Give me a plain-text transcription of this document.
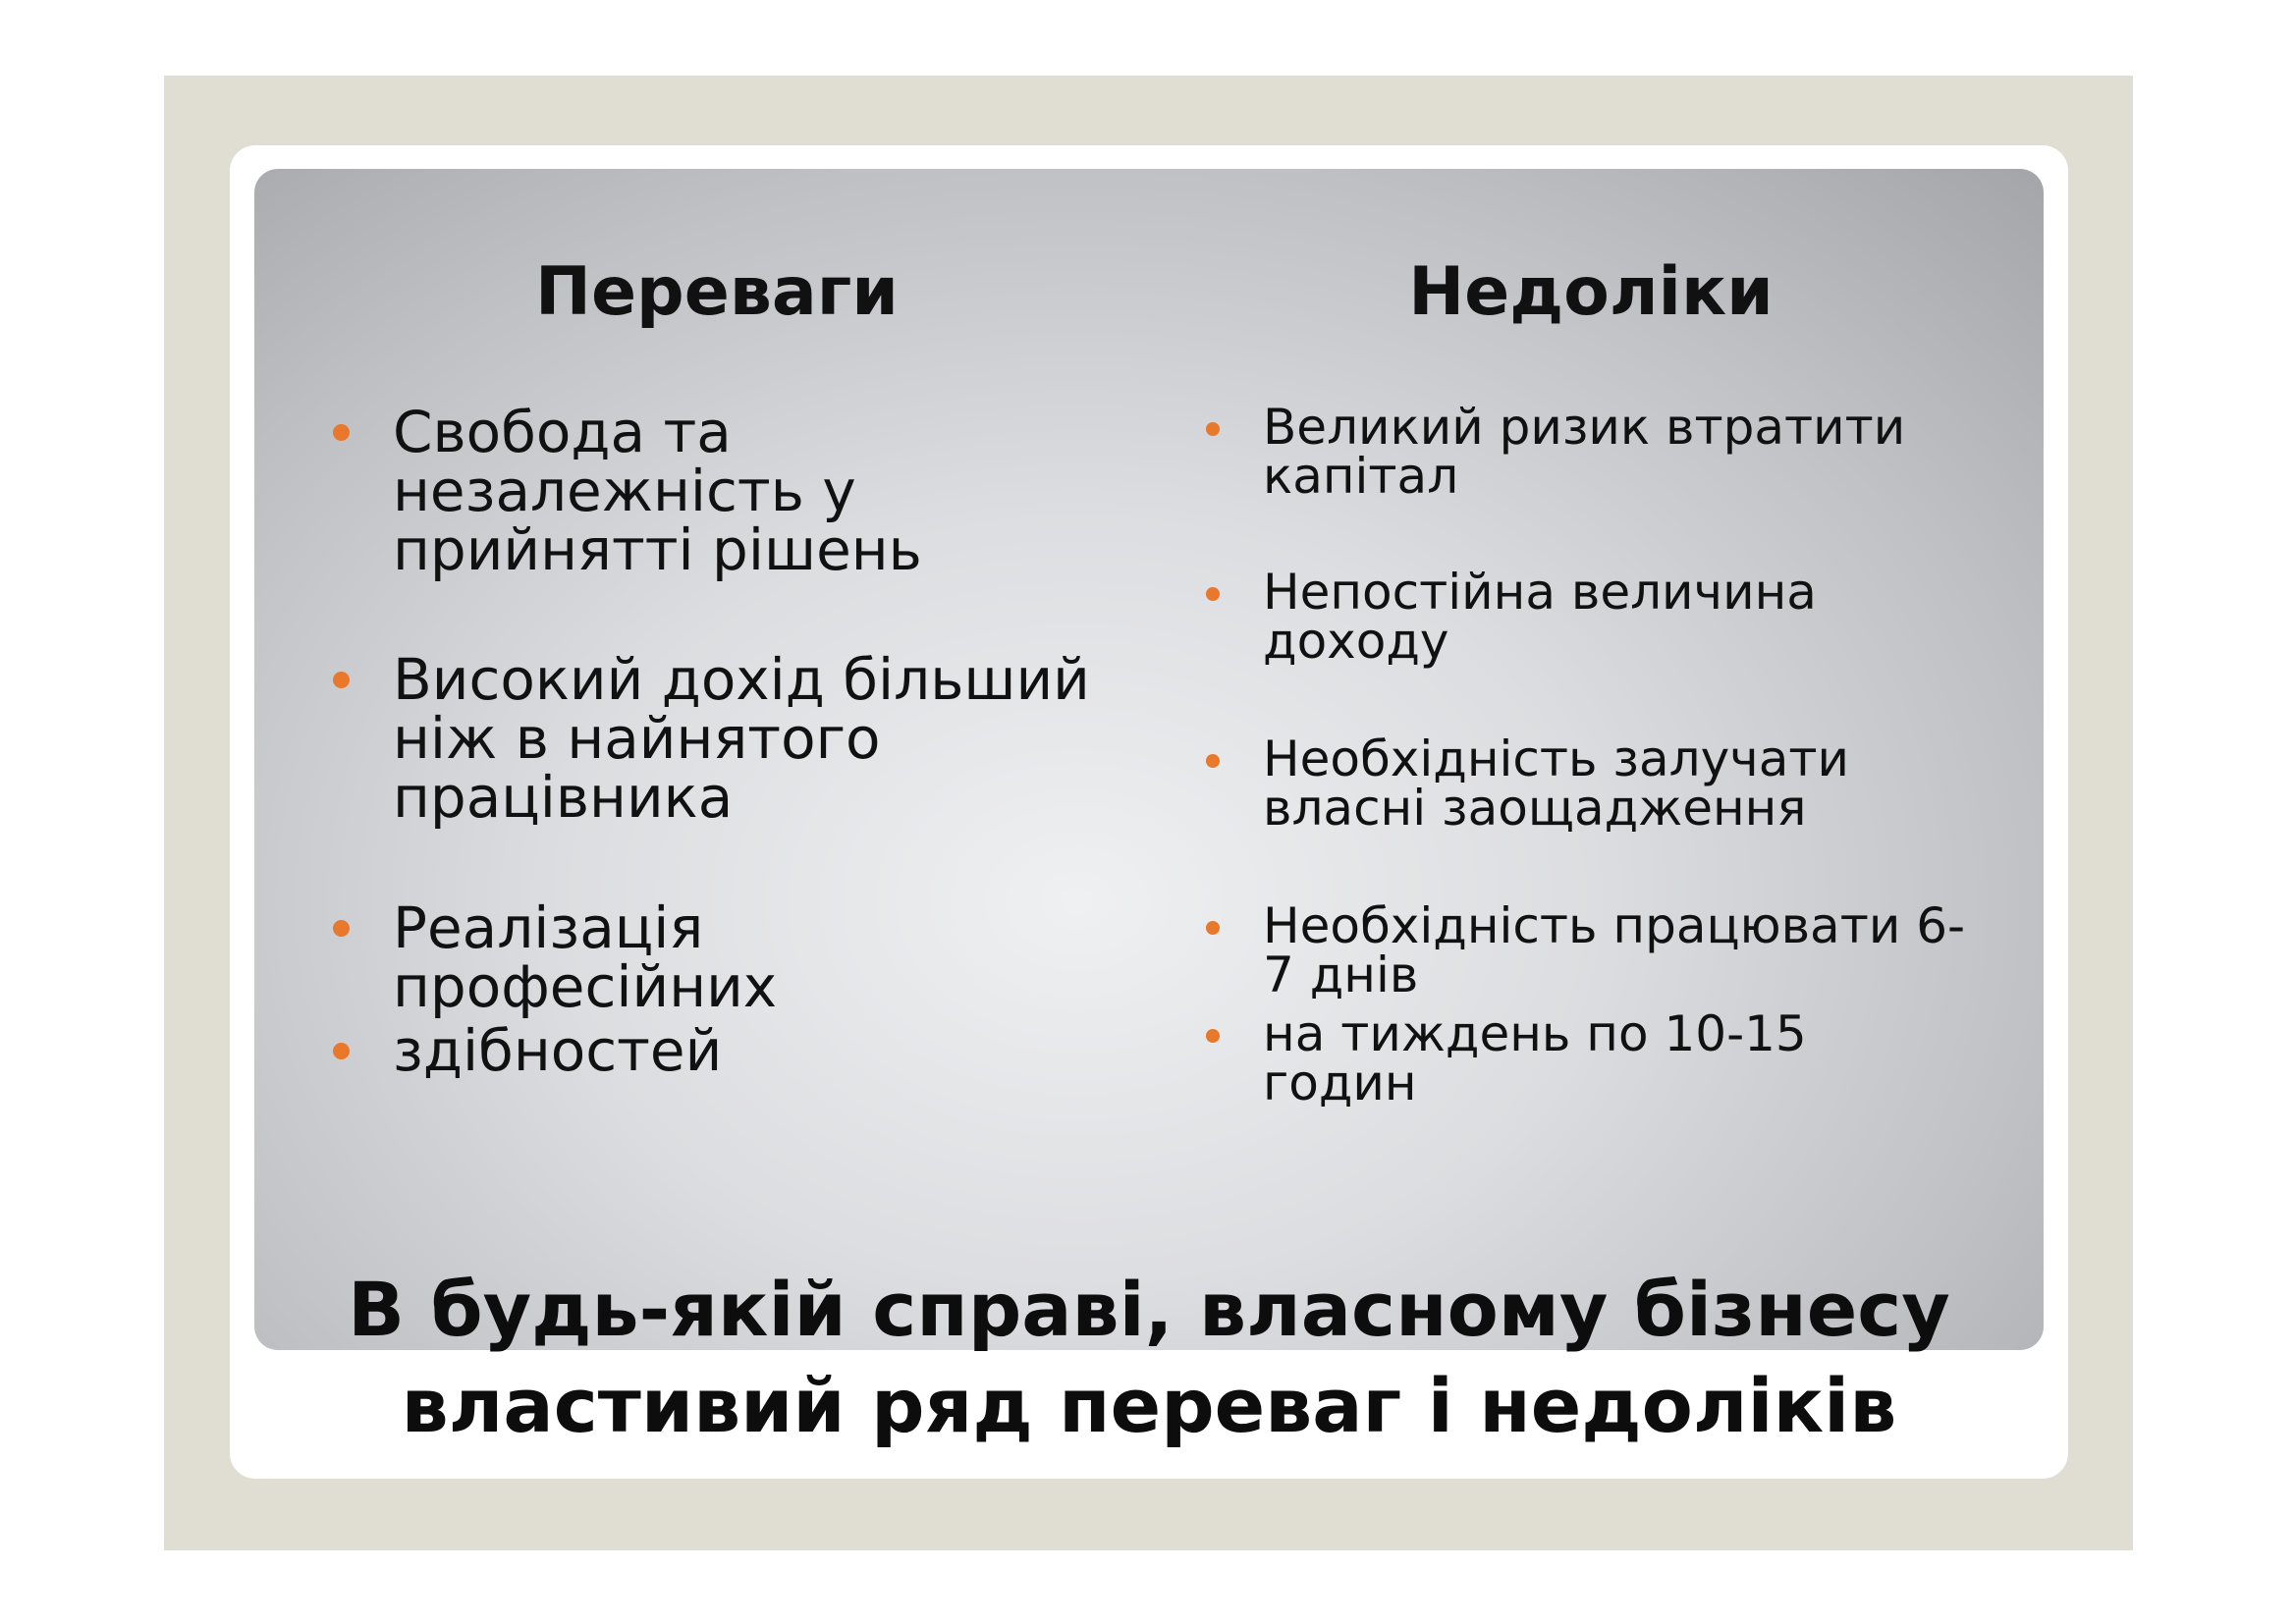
Переваги	Недоліки
Свобода та
незалежність у
прийнятті рішень
Високий дохід більший
ніж в найнятого
працівника
Реалізація
професійних
здібностей
Великий ризик втратити
капітал
Непостійна величина
доходу
Необхідність залучати
власні заощадження
Необхідність працювати 6-
7 днів
на тиждень по 10-15
годин
В будь-якій справі, власному бізнесу
властивий ряд переваг і недоліків
